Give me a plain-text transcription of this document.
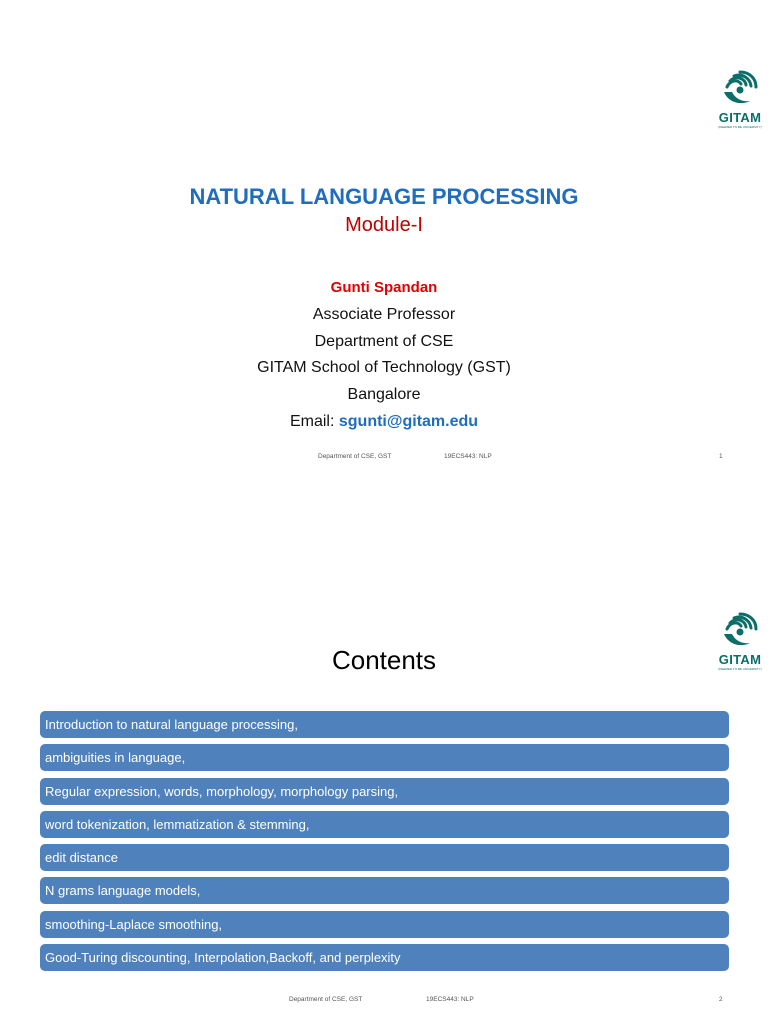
GITAM
(DEEMED TO BE UNIVERSITY)
NATURAL LANGUAGE PROCESSING
Module-I
Gunti Spandan
Associate Professor
Department of CSE
GITAM School of Technology (GST)
Bangalore
Email: sgunti@gitam.edu
Department of CSE, GST	19ECS443: NLP	1
GITAM
(DEEMED TO BE UNIVERSITY)
Contents
Introduction to natural language processing,
ambiguities in language,
Regular expression, words, morphology, morphology parsing,
word tokenization, lemmatization & stemming,
edit distance
N grams language models,
smoothing-Laplace smoothing,
Good-Turing discounting, Interpolation,Backoff, and perplexity
Department of CSE, GST	19ECS443: NLP	2
